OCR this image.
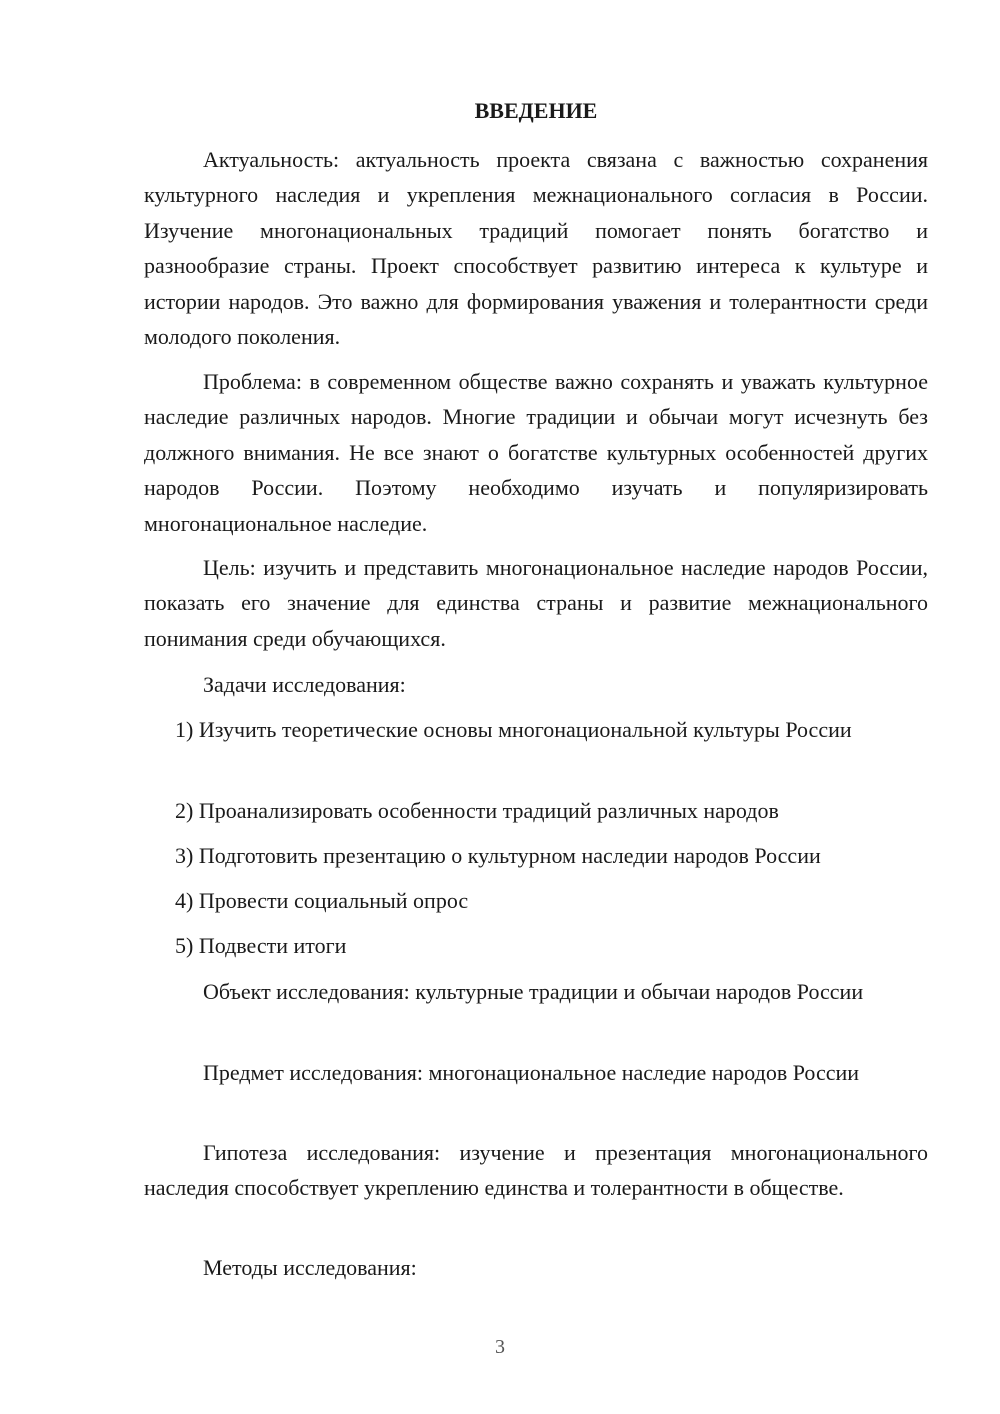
ВВЕДЕНИЕ

Актуальность: актуальность проекта связана с важностью сохранения культурного наследия и укрепления межнационального согласия в России. Изучение многонациональных традиций помогает понять богатство и разнообразие страны. Проект способствует развитию интереса к культуре и истории народов. Это важно для формирования уважения и толерантности среди молодого поколения.

Проблема: в современном обществе важно сохранять и уважать культурное наследие различных народов. Многие традиции и обычаи могут исчезнуть без должного внимания. Не все знают о богатстве культурных особенностей других народов России. Поэтому необходимо изучать и популяризировать многонациональное наследие.

Цель: изучить и представить многонациональное наследие народов России, показать его значение для единства страны и развитие межнационального понимания среди обучающихся.

Задачи исследования:

1) Изучить теоретические основы многонациональной культуры России

2) Проанализировать особенности традиций различных народов

3) Подготовить презентацию о культурном наследии народов России

4) Провести социальный опрос

5) Подвести итоги

Объект исследования: культурные традиции и обычаи народов России

Предмет исследования: многонациональное наследие народов России

Гипотеза исследования: изучение и презентация многонационального наследия способствует укреплению единства и толерантности в обществе.

Методы исследования:

3
